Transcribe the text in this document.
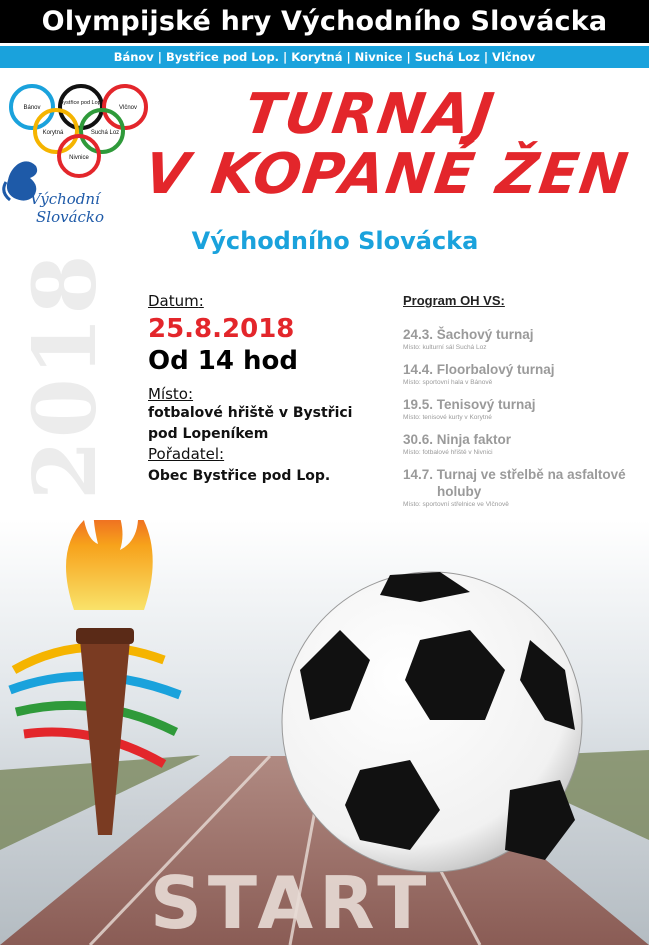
Olympijské hry Východního Slovácka
Bánov | Bystřice pod Lop. | Korytná | Nivnice | Suchá Loz | Vlčnov
Bánov
Bystřice pod Lop.
Vlčnov
Korytná	Suchá Loz
Nivnice
Východní
Slovácko
2018
TURNAJ
V KOPANÉ ŽEN
Východního Slovácka
Datum:
25.8.2018
Od 14 hod
Místo:
fotbalové hřiště v Bystřici
pod Lopeníkem
Pořadatel:
Obec Bystřice pod Lop.
Program OH VS:
24.3. Šachový turnaj
Místo: kulturní sál Suchá Loz
14.4. Floorbalový turnaj
Místo: sportovní hala v Bánově
19.5. Tenisový turnaj
Místo: tenisové kurty v Korytné
30.6. Ninja faktor
Místo: fotbalové hřiště v Nivnici
14.7. Turnaj ve střelbě na asfaltové
holuby
Místo: sportovní střelnice ve Vlčnově
START
